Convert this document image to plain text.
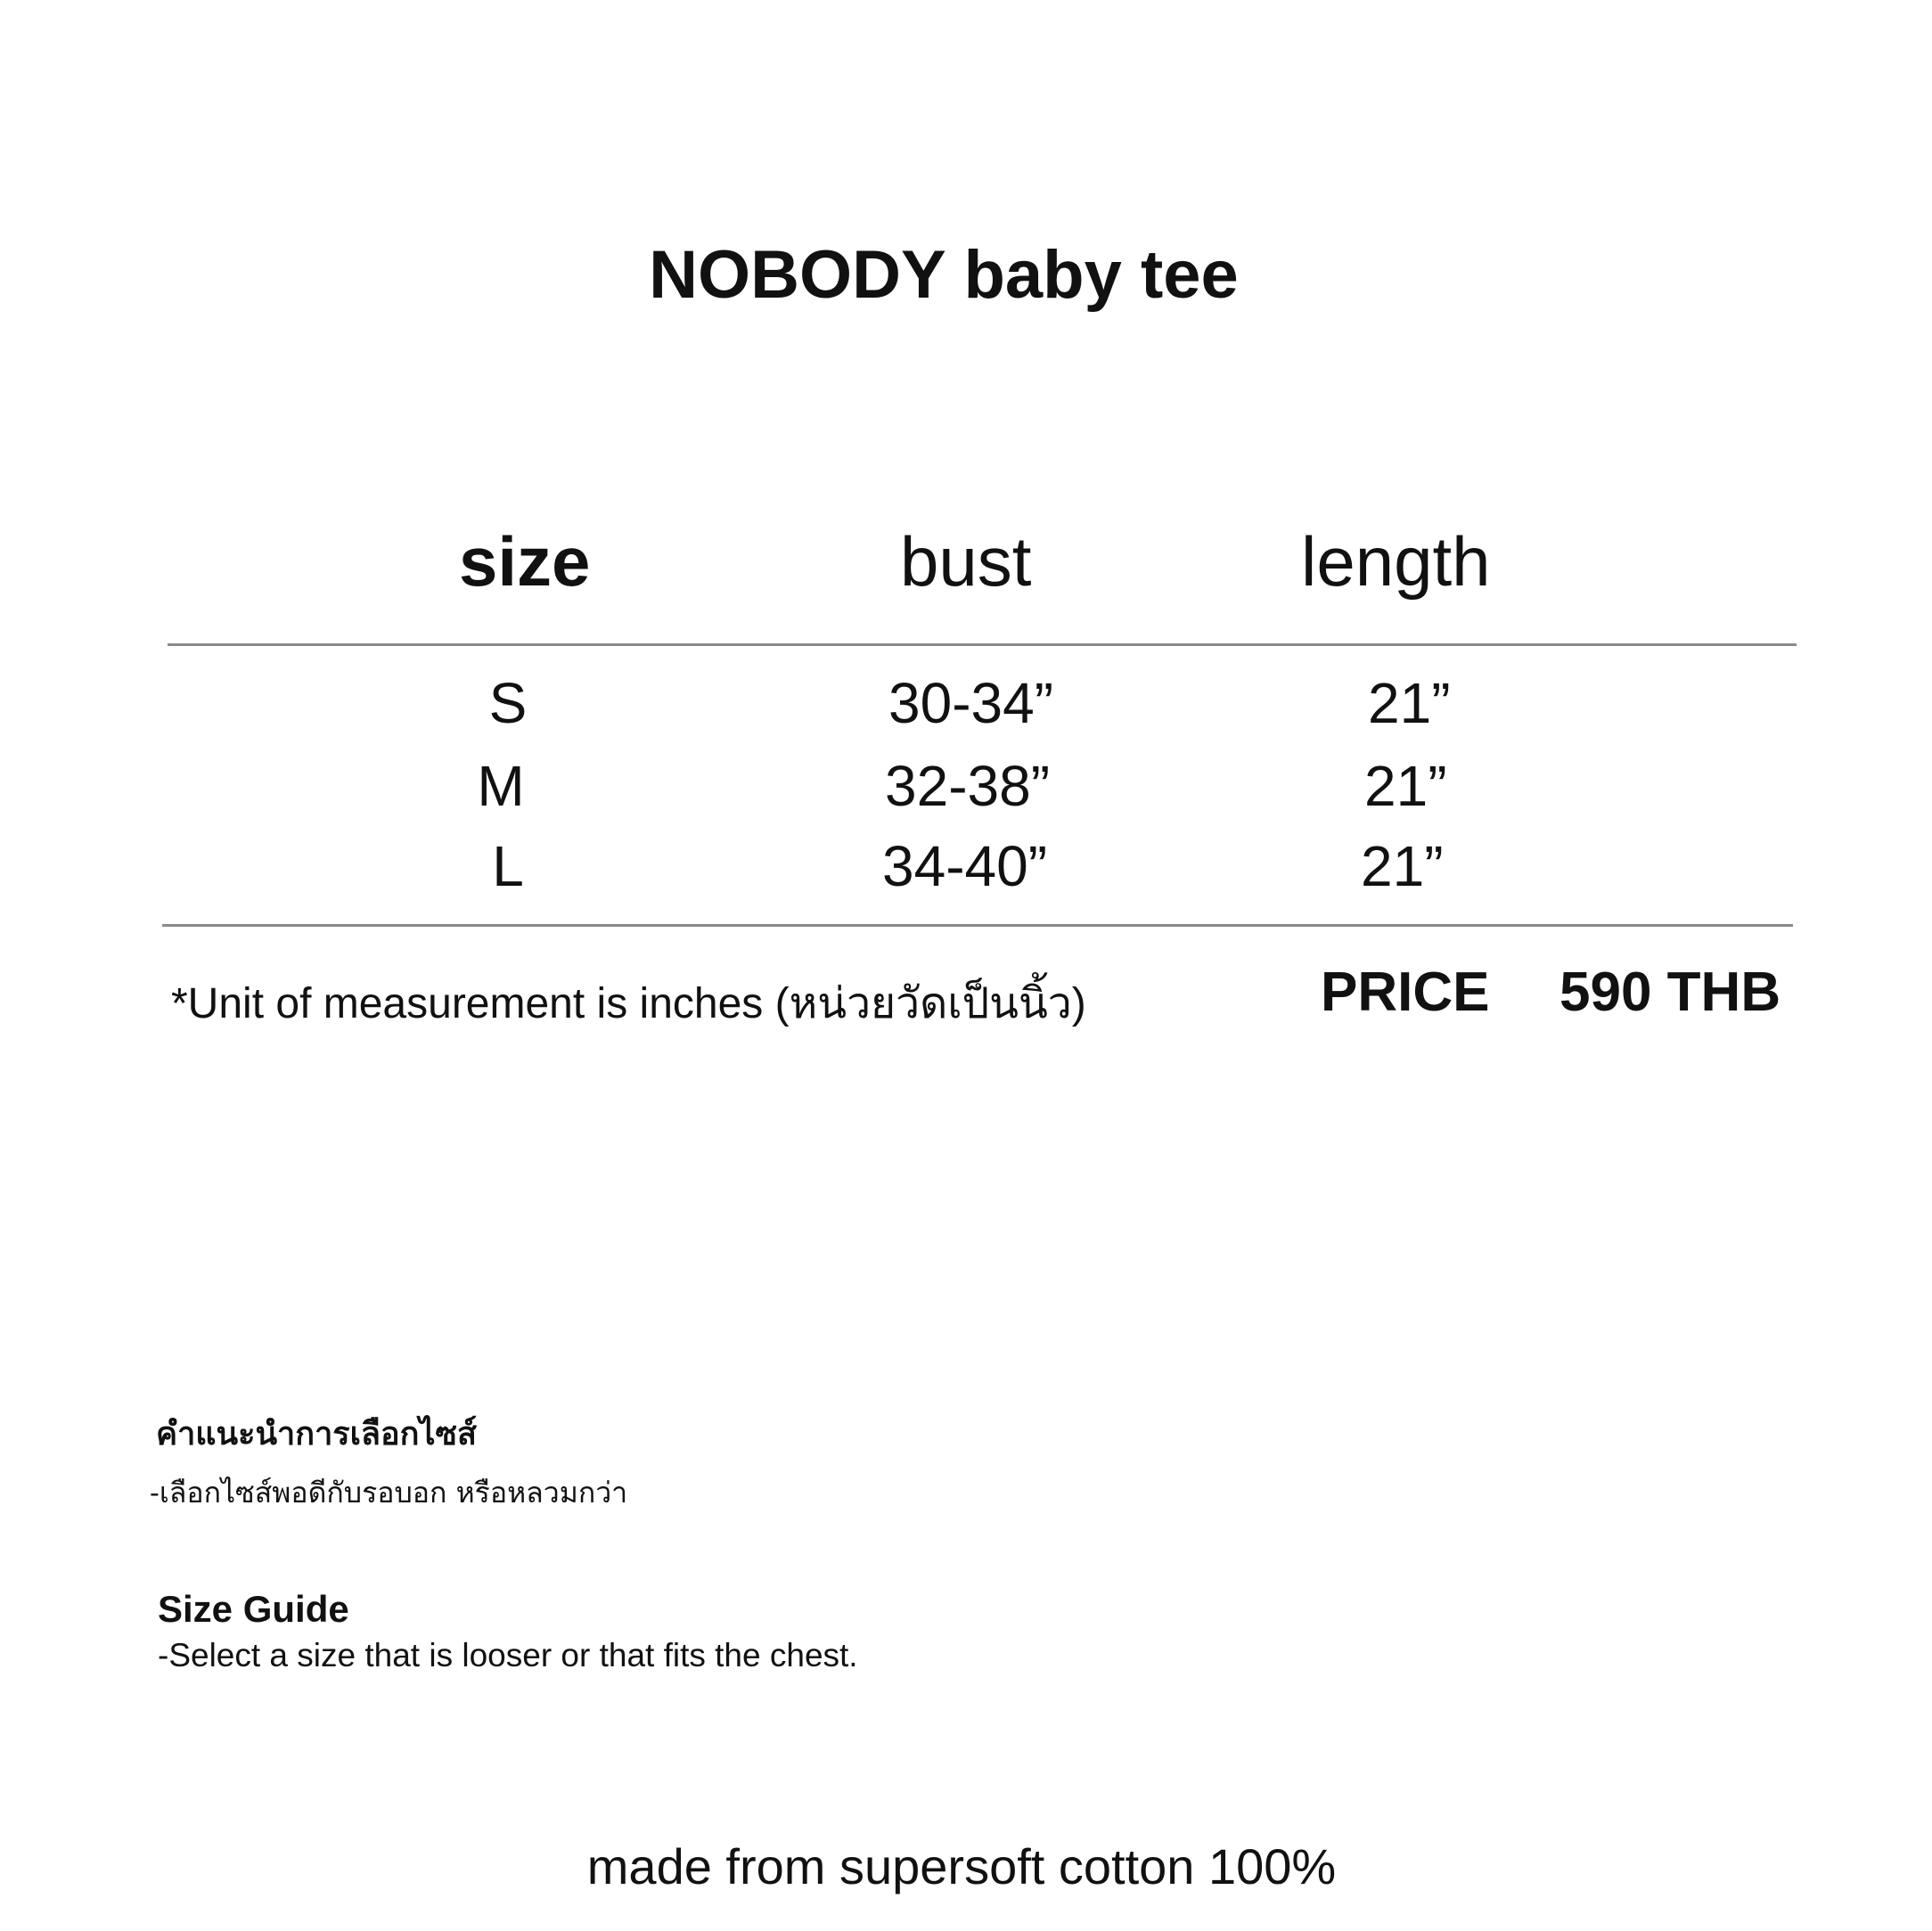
NOBODY baby tee
size	bust	length
S	30-34”	21”
M	32-38”	21”
L	34-40”	21”
*Unit of measurement is inches (หน่วยวัดเป็นนิ้ว)	PRICE 590 THB
คำแนะนำการเลือกไซส์
-เลือกไซส์พอดีกับรอบอก หรือหลวมกว่า
Size Guide
-Select a size that is looser or that fits the chest.
made from supersoft cotton 100%
